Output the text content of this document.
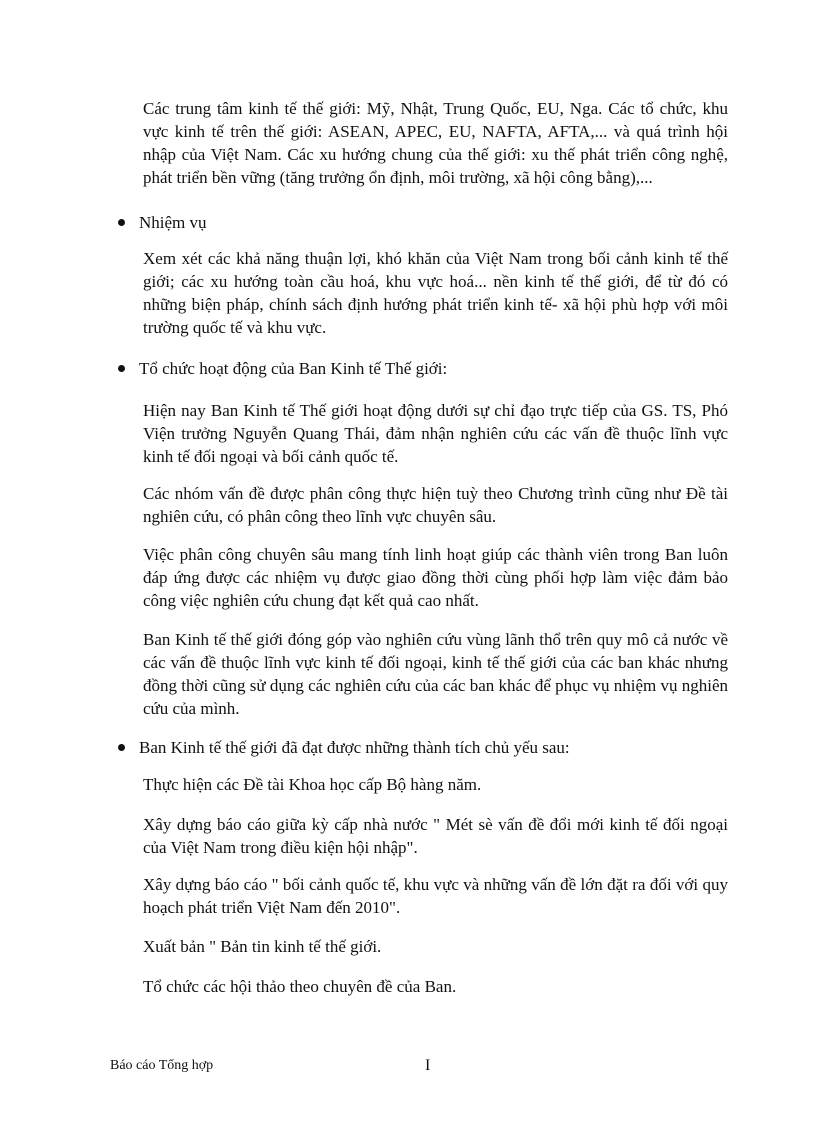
Các trung tâm kinh tế thế giới: Mỹ, Nhật, Trung Quốc, EU, Nga. Các tổ chức, khu vực kinh tế trên thế giới: ASEAN, APEC, EU, NAFTA, AFTA,... và quá trình hội nhập của Việt Nam. Các xu hướng chung của thế giới: xu thế phát triển công nghệ, phát triển bền vững (tăng trưởng ổn định, môi trường, xã hội công bằng),...

Nhiệm vụ

Xem xét các khả năng thuận lợi, khó khăn của Việt Nam trong bối cảnh kinh tế thế giới; các xu hướng toàn cầu hoá, khu vực hoá... nền kinh tế thế giới, để từ đó có những biện pháp, chính sách định hướng phát triển kinh tế- xã hội phù hợp với môi trường quốc tế và khu vực.

Tổ chức hoạt động của Ban Kinh tế Thế giới:

Hiện nay Ban Kinh tế Thế giới hoạt động dưới sự chỉ đạo trực tiếp của GS. TS, Phó Viện trưởng Nguyễn Quang Thái, đảm nhận nghiên cứu các vấn đề thuộc lĩnh vực kinh tế đối ngoại và bối cảnh quốc tế.

Các nhóm vấn đề được phân công thực hiện tuỳ theo Chương trình cũng như Đề tài nghiên cứu, có phân công theo lĩnh vực chuyên sâu.

Việc phân công chuyên sâu mang tính linh hoạt giúp các thành viên trong Ban luôn đáp ứng được các nhiệm vụ được giao đồng thời cùng phối hợp làm việc đảm bảo công việc nghiên cứu chung đạt kết quả cao nhất.

Ban Kinh tế thế giới đóng góp vào nghiên cứu vùng lãnh thổ trên quy mô cả nước về các vấn đề thuộc lĩnh vực kinh tế đối ngoại, kinh tế thế giới của các ban khác nhưng đồng thời cũng sử dụng các nghiên cứu của các ban khác để phục vụ nhiệm vụ nghiên cứu của mình.

Ban Kinh tế thế giới đã đạt được những thành tích chủ yếu sau:

Thực hiện các Đề tài Khoa học cấp Bộ hàng năm.

Xây dựng báo cáo giữa kỳ cấp nhà nước " Mét sè vấn đề đổi mới kinh tế đối ngoại của Việt Nam trong điều kiện hội nhập".

Xây dựng báo cáo " bối cảnh quốc tế, khu vực và những vấn đề lớn đặt ra đối với quy hoạch phát triển Việt Nam đến 2010".

Xuất bản " Bản tin kinh tế thế giới.

Tổ chức các hội thảo theo chuyên đề của Ban.

Báo cáo Tổng hợp	I
